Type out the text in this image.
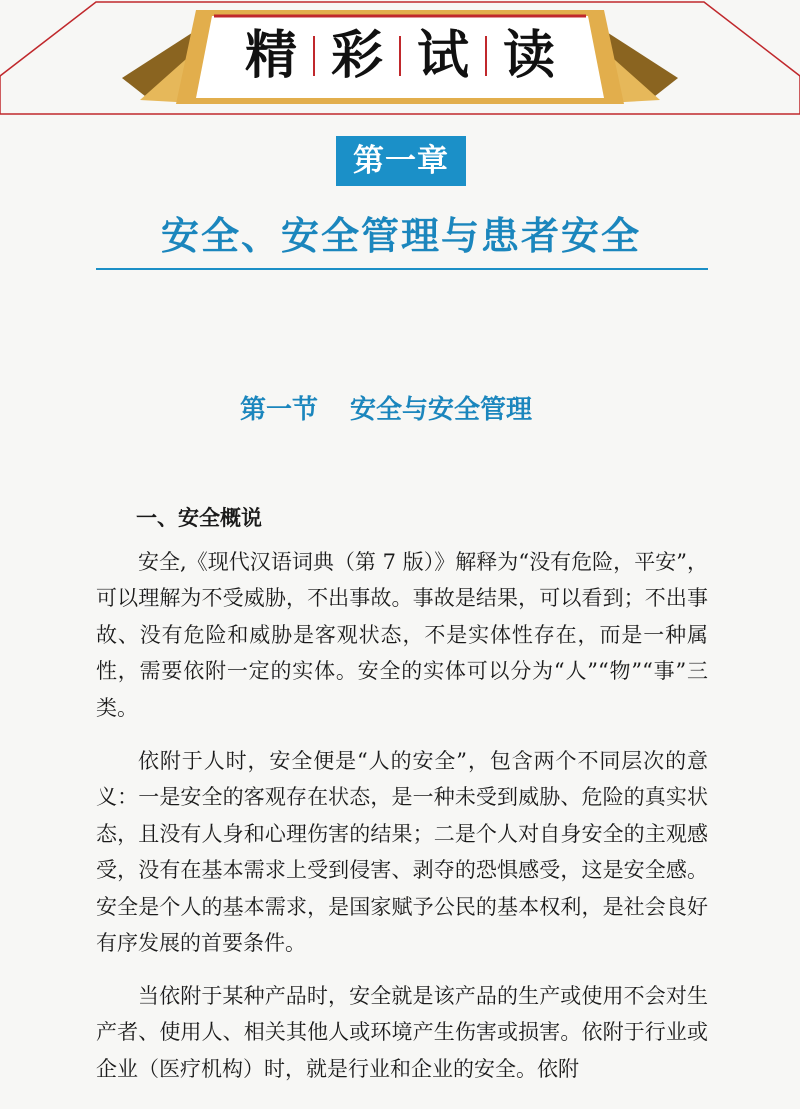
精 彩 试 读
第一章
安全、安全管理与患者安全
第一节 安全与安全管理
一、安全概说

安全,《现代汉语词典（第 7 版）》解释为“没有危险，平安”，可以理解为不受威胁，不出事故。事故是结果，可以看到；不出事故、没有危险和威胁是客观状态，不是实体性存在，而是一种属性，需要依附一定的实体。安全的实体可以分为“人”“物”“事”三类。

依附于人时，安全便是“人的安全”，包含两个不同层次的意义：一是安全的客观存在状态，是一种未受到威胁、危险的真实状态，且没有人身和心理伤害的结果；二是个人对自身安全的主观感受，没有在基本需求上受到侵害、剥夺的恐惧感受，这是安全感。安全是个人的基本需求，是国家赋予公民的基本权利，是社会良好有序发展的首要条件。

当依附于某种产品时，安全就是该产品的生产或使用不会对生产者、使用人、相关其他人或环境产生伤害或损害。依附于行业或企业（医疗机构）时，就是行业和企业的安全。依附
